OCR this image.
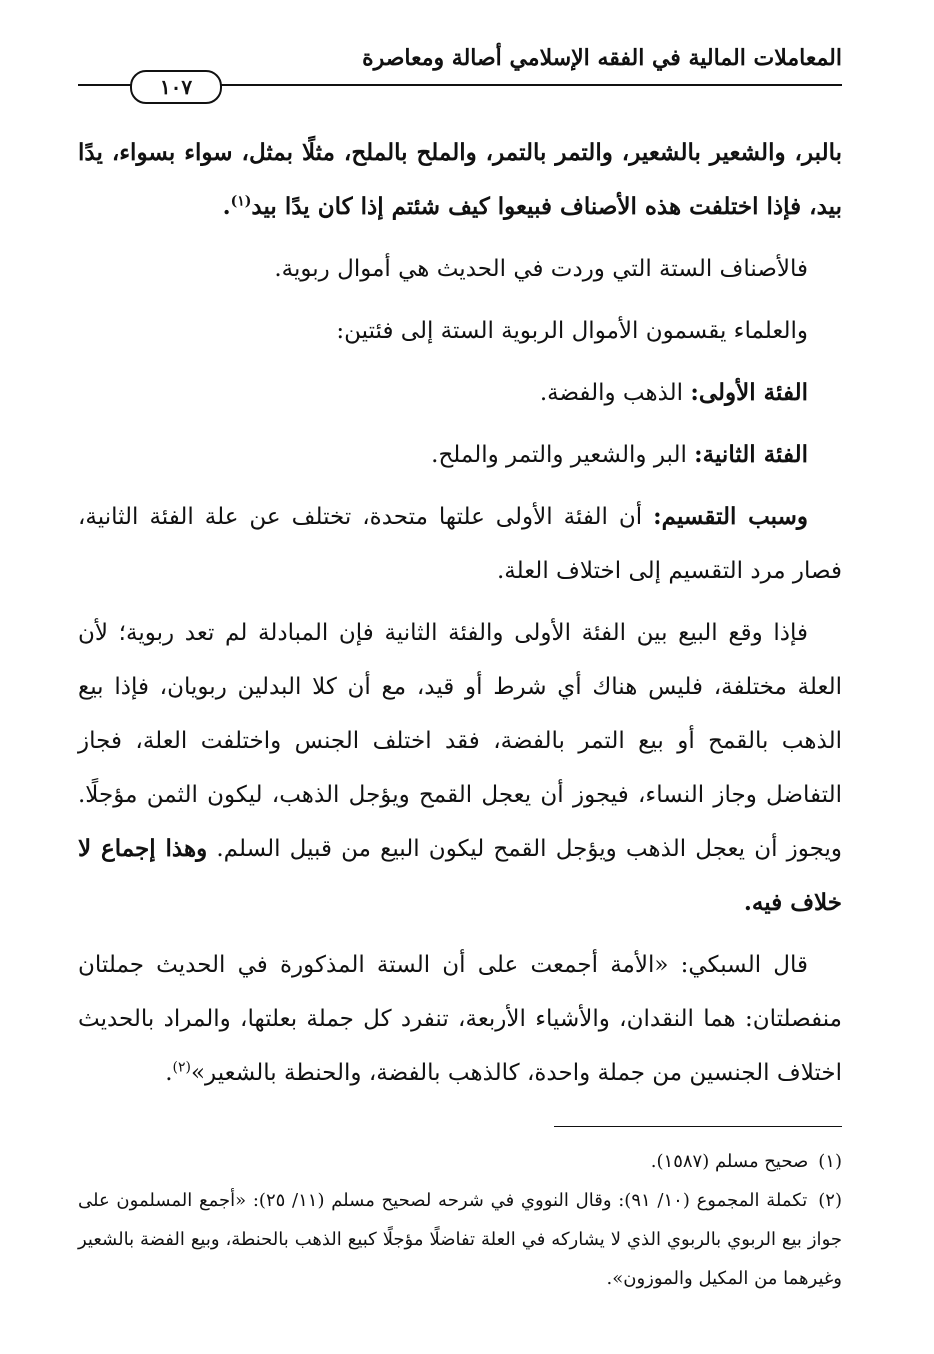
المعاملات المالية في الفقه الإسلامي أصالة ومعاصرة
١٠٧

بالبر، والشعير بالشعير، والتمر بالتمر، والملح بالملح، مثلًا بمثل، سواء بسواء، يدًا بيد، فإذا اختلفت هذه الأصناف فبيعوا كيف شئتم إذا كان يدًا بيد$^{(١)}$.

فالأصناف الستة التي وردت في الحديث هي أموال ربوية.

والعلماء يقسمون الأموال الربوية الستة إلى فئتين:

الفئة الأولى: الذهب والفضة.

الفئة الثانية: البر والشعير والتمر والملح.

وسبب التقسيم: أن الفئة الأولى علتها متحدة، تختلف عن علة الفئة الثانية، فصار مرد التقسيم إلى اختلاف العلة.

فإذا وقع البيع بين الفئة الأولى والفئة الثانية فإن المبادلة لم تعد ربوية؛ لأن العلة مختلفة، فليس هناك أي شرط أو قيد، مع أن كلا البدلين ربويان، فإذا بيع الذهب بالقمح أو بيع التمر بالفضة، فقد اختلف الجنس واختلفت العلة، فجاز التفاضل وجاز النساء، فيجوز أن يعجل القمح ويؤجل الذهب، ليكون الثمن مؤجلًا. ويجوز أن يعجل الذهب ويؤجل القمح ليكون البيع من قبيل السلم. وهذا إجماع لا خلاف فيه.

قال السبكي: «الأمة أجمعت على أن الستة المذكورة في الحديث جملتان منفصلتان: هما النقدان، والأشياء الأربعة، تنفرد كل جملة بعلتها، والمراد بالحديث اختلاف الجنسين من جملة واحدة، كالذهب بالفضة، والحنطة بالشعير»$^{(٢)}$.

(١) صحيح مسلم (١٥٨٧).

(٢) تكملة المجموع (١٠/ ٩١): وقال النووي في شرحه لصحيح مسلم (١١/ ٢٥): «أجمع المسلمون على جواز بيع الربوي بالربوي الذي لا يشاركه في العلة تفاضلًا مؤجلًا كبيع الذهب بالحنطة، وبيع الفضة بالشعير وغيرهما من المكيل والموزون».
